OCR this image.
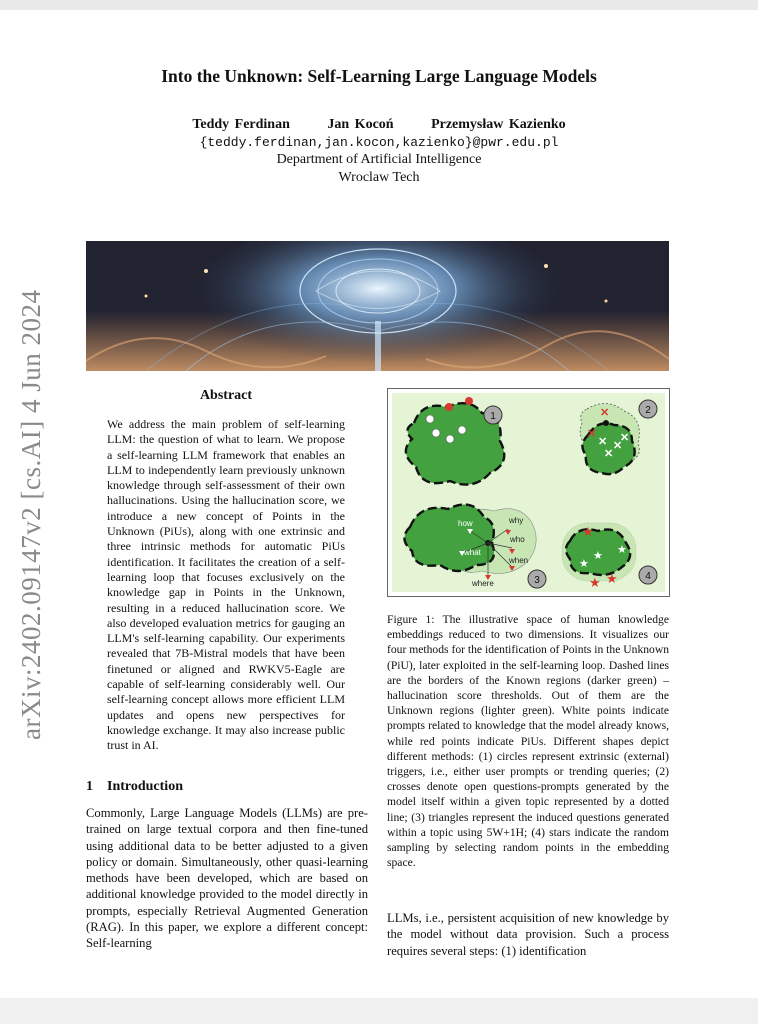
arXiv:2402.09147v2 [cs.AI] 4 Jun 2024
Into the Unknown: Self-Learning Large Language Models
Teddy Ferdinan	Jan Kocoń	Przemysław Kazienko
{teddy.ferdinan,jan.kocon,kazienko}@pwr.edu.pl
Department of Artificial Intelligence
Wroclaw Tech
Abstract
We address the main problem of self-learning LLM: the question of what to learn. We propose a self-learning LLM framework that enables an LLM to independently learn previously unknown knowledge through self-assessment of their own hallucinations. Using the hallucination score, we introduce a new concept of Points in the Unknown (PiUs), along with one extrinsic and three intrinsic methods for automatic PiUs identification. It facilitates the creation of a self-learning loop that focuses exclusively on the knowledge gap in Points in the Unknown, resulting in a reduced hallucination score. We also developed evaluation metrics for gauging an LLM's self-learning capability. Our experiments revealed that 7B-Mistral models that have been finetuned or aligned and RWKV5-Eagle are capable of self-learning considerably well. Our self-learning concept allows more efficient LLM updates and opens new perspectives for knowledge exchange. It may also increase public trust in AI.
1 Introduction
Commonly, Large Language Models (LLMs) are pre-trained on large textual corpora and then fine-tuned using additional data to be better adjusted to a given policy or domain. Simultaneously, other quasi-learning methods have been developed, which are based on additional knowledge provided to the model directly in prompts, especially Retrieval Augmented Generation (RAG). In this paper, we explore a different concept: Self-learning
1
✕
✕
✕
✕
✕
✕	2
how	why
who
what
when
where	3
★ ★
★
★
★ ★	4
Figure 1: The illustrative space of human knowledge embeddings reduced to two dimensions. It visualizes our four methods for the identification of Points in the Unknown (PiU), later exploited in the self-learning loop. Dashed lines are the borders of the Known regions (darker green) – hallucination score thresholds. Out of them are the Unknown regions (lighter green). White points indicate prompts related to knowledge that the model already knows, while red points indicate PiUs. Different shapes depict different methods: (1) circles represent extrinsic (external) triggers, i.e., either user prompts or trending queries; (2) crosses denote open questions-prompts generated by the model itself within a given topic represented by a dotted line; (3) triangles represent the induced questions generated within a topic using 5W+1H; (4) stars indicate the random sampling by selecting random points in the embedding space.
LLMs, i.e., persistent acquisition of new knowledge by the model without data provision. Such a process requires several steps: (1) identification
